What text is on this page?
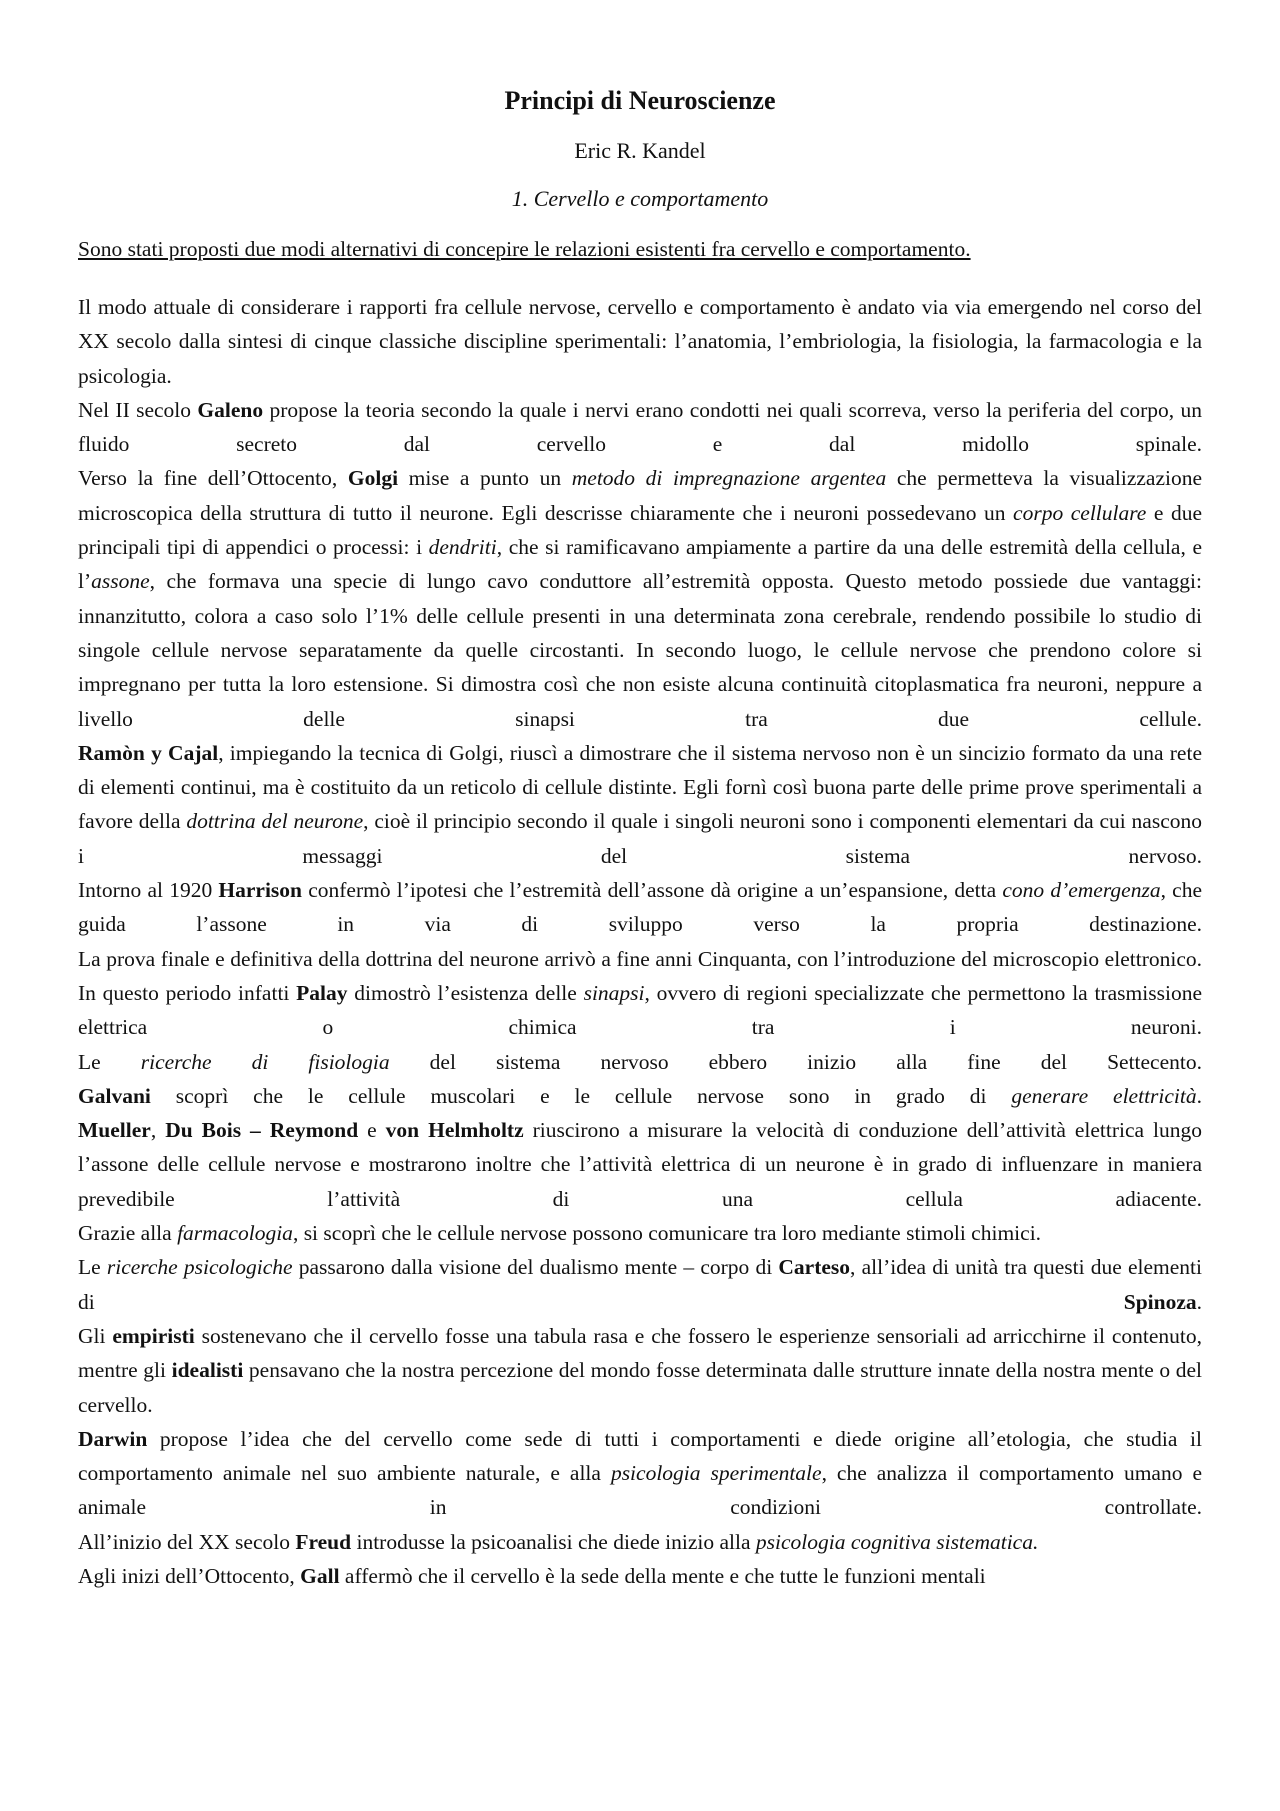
Principi di Neuroscienze
Eric R. Kandel
1. Cervello e comportamento
Sono stati proposti due modi alternativi di concepire le relazioni esistenti fra cervello e comportamento.

Il modo attuale di considerare i rapporti fra cellule nervose, cervello e comportamento è andato via via emergendo nel corso del XX secolo dalla sintesi di cinque classiche discipline sperimentali: l’anatomia, l’embriologia, la fisiologia, la farmacologia e la psicologia.

Nel II secolo Galeno propose la teoria secondo la quale i nervi erano condotti nei quali scorreva, verso la periferia del corpo, un fluido secreto dal cervello e dal midollo spinale.

Verso la fine dell’Ottocento, Golgi mise a punto un metodo di impregnazione argentea che permetteva la visualizzazione microscopica della struttura di tutto il neurone. Egli descrisse chiaramente che i neuroni possedevano un corpo cellulare e due principali tipi di appendici o processi: i dendriti, che si ramificavano ampiamente a partire da una delle estremità della cellula, e l’assone, che formava una specie di lungo cavo conduttore all’estremità opposta. Questo metodo possiede due vantaggi: innanzitutto, colora a caso solo l’1% delle cellule presenti in una determinata zona cerebrale, rendendo possibile lo studio di singole cellule nervose separatamente da quelle circostanti. In secondo luogo, le cellule nervose che prendono colore si impregnano per tutta la loro estensione. Si dimostra così che non esiste alcuna continuità citoplasmatica fra neuroni, neppure a livello delle sinapsi tra due cellule.

Ramòn y Cajal, impiegando la tecnica di Golgi, riuscì a dimostrare che il sistema nervoso non è un sincizio formato da una rete di elementi continui, ma è costituito da un reticolo di cellule distinte. Egli fornì così buona parte delle prime prove sperimentali a favore della dottrina del neurone, cioè il principio secondo il quale i singoli neuroni sono i componenti elementari da cui nascono i messaggi del sistema nervoso.

Intorno al 1920 Harrison confermò l’ipotesi che l’estremità dell’assone dà origine a un’espansione, detta cono d’emergenza, che guida l’assone in via di sviluppo verso la propria destinazione.

La prova finale e definitiva della dottrina del neurone arrivò a fine anni Cinquanta, con l’introduzione del microscopio elettronico. In questo periodo infatti Palay dimostrò l’esistenza delle sinapsi, ovvero di regioni specializzate che permettono la trasmissione elettrica o chimica tra i neuroni.

Le ricerche di fisiologia del sistema nervoso ebbero inizio alla fine del Settecento.

Galvani scoprì che le cellule muscolari e le cellule nervose sono in grado di generare elettricità.

Mueller, Du Bois – Reymond e von Helmholtz riuscirono a misurare la velocità di conduzione dell’attività elettrica lungo l’assone delle cellule nervose e mostrarono inoltre che l’attività elettrica di un neurone è in grado di influenzare in maniera prevedibile l’attività di una cellula adiacente.

Grazie alla farmacologia, si scoprì che le cellule nervose possono comunicare tra loro mediante stimoli chimici.

Le ricerche psicologiche passarono dalla visione del dualismo mente – corpo di Carteso, all’idea di unità tra questi due elementi di Spinoza.

Gli empiristi sostenevano che il cervello fosse una tabula rasa e che fossero le esperienze sensoriali ad arricchirne il contenuto, mentre gli idealisti pensavano che la nostra percezione del mondo fosse determinata dalle strutture innate della nostra mente o del cervello.

Darwin propose l’idea che del cervello come sede di tutti i comportamenti e diede origine all’etologia, che studia il comportamento animale nel suo ambiente naturale, e alla psicologia sperimentale, che analizza il comportamento umano e animale in condizioni controllate.

All’inizio del XX secolo Freud introdusse la psicoanalisi che diede inizio alla psicologia cognitiva sistematica.

Agli inizi dell’Ottocento, Gall affermò che il cervello è la sede della mente e che tutte le funzioni mentali
